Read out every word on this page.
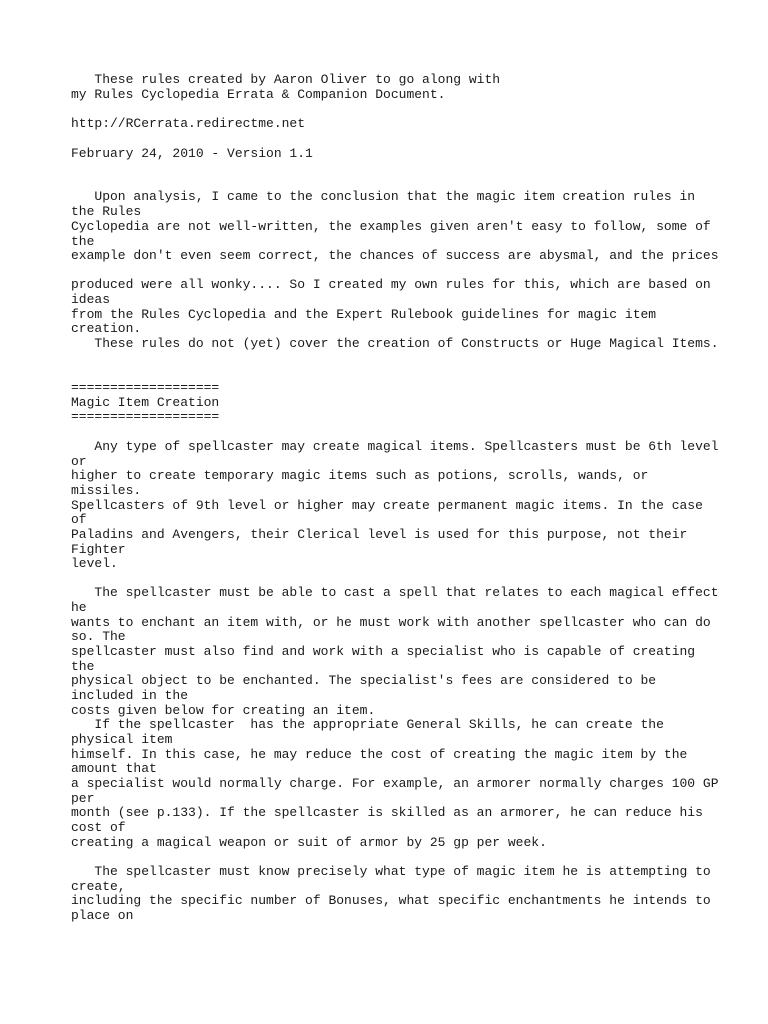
These rules created by Aaron Oliver to go along with

my Rules Cyclopedia Errata & Companion Document.

http://RCerrata.redirectme.net

February 24, 2010 - Version 1.1

Upon analysis, I came to the conclusion that the magic item creation rules in

the Rules

Cyclopedia are not well-written, the examples given aren't easy to follow, some of

the

example don't even seem correct, the chances of success are abysmal, and the prices

produced were all wonky.... So I created my own rules for this, which are based on

ideas

from the Rules Cyclopedia and the Expert Rulebook guidelines for magic item

creation.

These rules do not (yet) cover the creation of Constructs or Huge Magical Items.

===================

Magic Item Creation

===================

Any type of spellcaster may create magical items. Spellcasters must be 6th level

or

higher to create temporary magic items such as potions, scrolls, wands, or

missiles.

Spellcasters of 9th level or higher may create permanent magic items. In the case

of

Paladins and Avengers, their Clerical level is used for this purpose, not their

Fighter

level.

The spellcaster must be able to cast a spell that relates to each magical effect

he

wants to enchant an item with, or he must work with another spellcaster who can do

so. The

spellcaster must also find and work with a specialist who is capable of creating

the

physical object to be enchanted. The specialist's fees are considered to be

included in the

costs given below for creating an item.

If the spellcaster  has the appropriate General Skills, he can create the

physical item

himself. In this case, he may reduce the cost of creating the magic item by the

amount that

a specialist would normally charge. For example, an armorer normally charges 100 GP

per

month (see p.133). If the spellcaster is skilled as an armorer, he can reduce his

cost of

creating a magical weapon or suit of armor by 25 gp per week.

The spellcaster must know precisely what type of magic item he is attempting to

create,

including the specific number of Bonuses, what specific enchantments he intends to

place on
